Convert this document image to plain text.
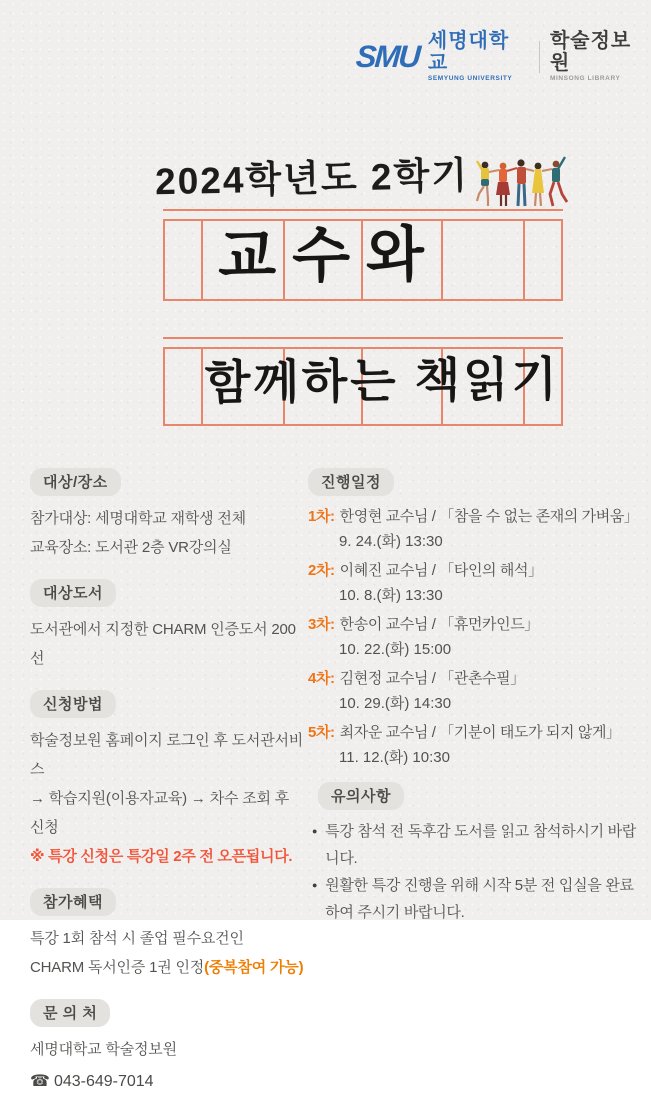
SMU 세명대학교
SEMYUNG UNIVERSITY
학술정보원
MINSONG LIBRARY
2024학년도 2학기
교수와
함께하는 책읽기
대상/장소
참가대상: 세명대학교 재학생 전체
교육장소: 도서관 2층 VR강의실
대상도서
도서관에서 지정한 CHARM 인증도서 200선
신청방법
학술정보원 홈페이지 로그인 후 도서관서비스
→ 학습지원(이용자교육) → 차수 조회 후 신청
※ 특강 신청은 특강일 2주 전 오픈됩니다.
참가혜택
특강 1회 참석 시 졸업 필수요건인
CHARM 독서인증 1권 인정(중복참여 가능)
문 의 처
세명대학교 학술정보원
☎ 043-649-7014
진행일정
1차: 한영현 교수님 / 「참을 수 없는 존재의 가벼움」
9. 24.(화) 13:30
2차: 이혜진 교수님 / 「타인의 해석」
10. 8.(화) 13:30
3차: 한송이 교수님 / 「휴먼카인드」
10. 22.(화) 15:00
4차: 김현정 교수님 / 「관촌수필」
10. 29.(화) 14:30
5차: 최자운 교수님 / 「기분이 태도가 되지 않게」
11. 12.(화) 10:30
유의사항
● 특강 참석 전 독후감 도서를 읽고 참석하시기 바랍니다.
● 원활한 특강 진행을 위해 시작 5분 전 입실을 완료하여 주시기 바랍니다.
